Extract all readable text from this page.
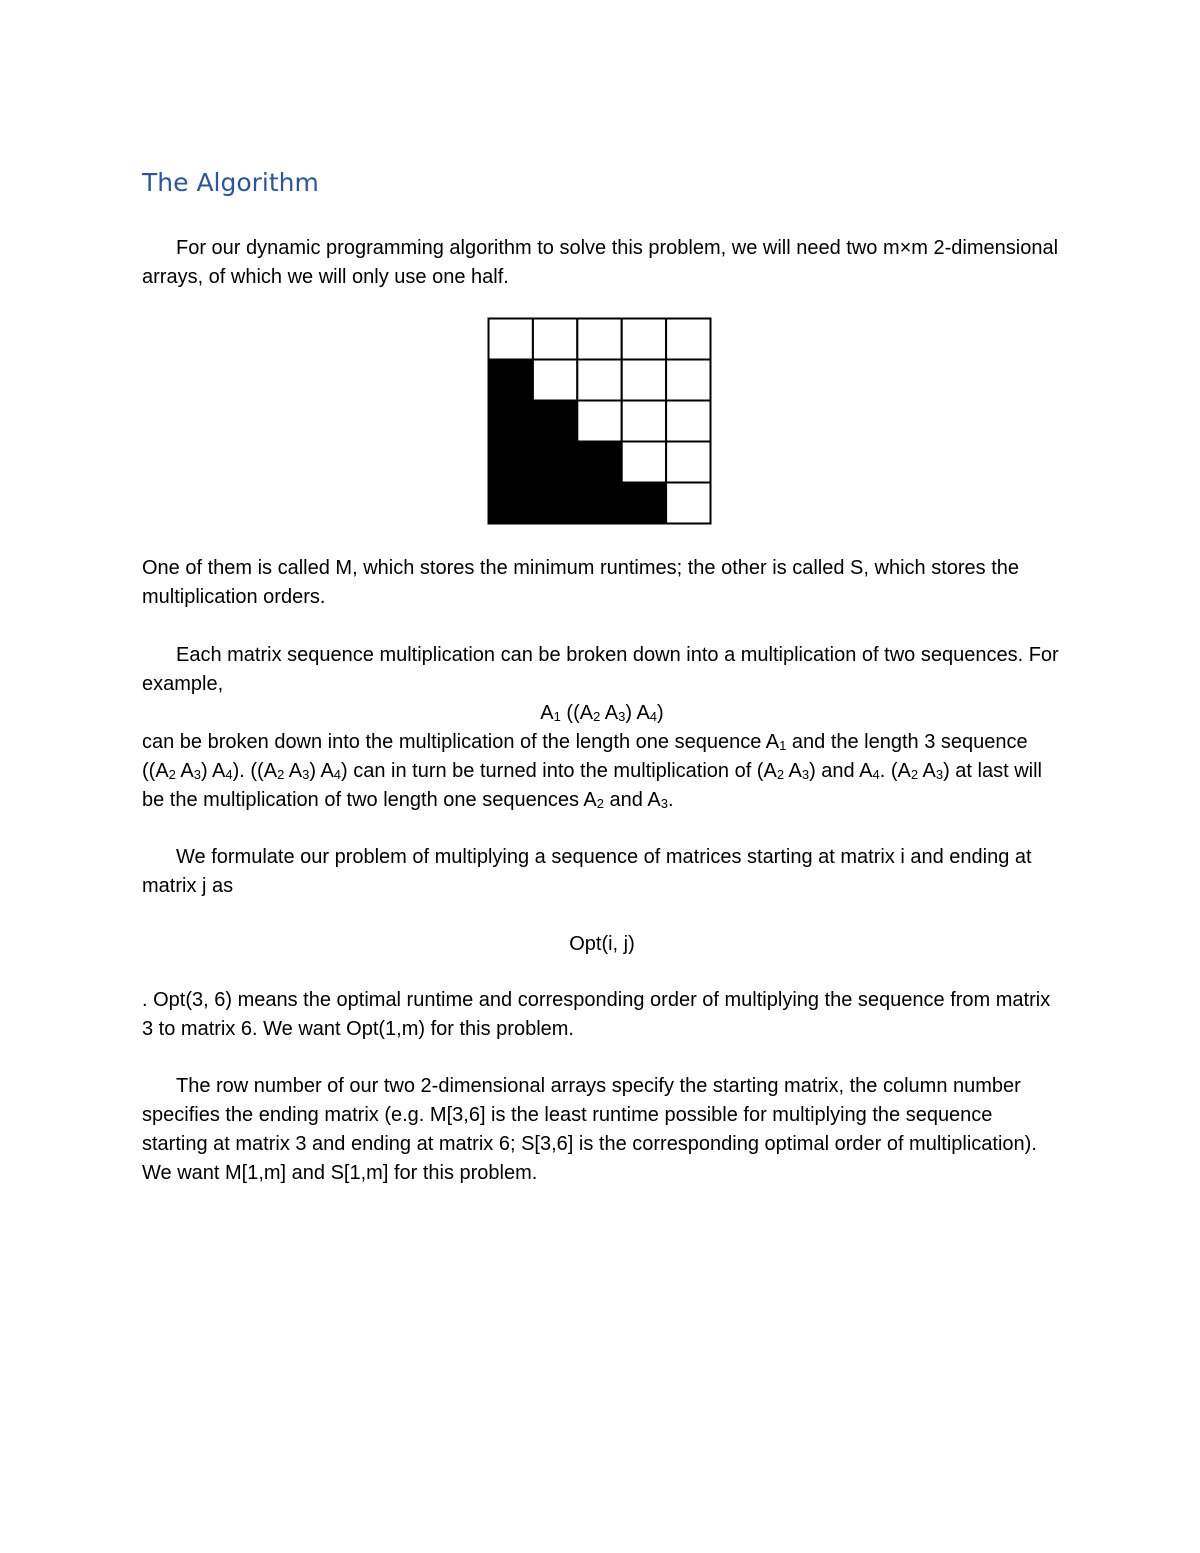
The Algorithm

For our dynamic programming algorithm to solve this problem, we will need two m×m 2-dimensional arrays, of which we will only use one half.

One of them is called M, which stores the minimum runtimes; the other is called S, which stores the multiplication orders.

Each matrix sequence multiplication can be broken down into a multiplication of two sequences. For example,

$A_1$ (($A_2$ $A_3$) $A_4$)

can be broken down into the multiplication of the length one sequence $A_1$ and the length 3 sequence (($A_2$ $A_3$) $A_4$). (($A_2$ $A_3$) $A_4$) can in turn be turned into the multiplication of ($A_2$ $A_3$) and $A_4$. ($A_2$ $A_3$) at last will be the multiplication of two length one sequences $A_2$ and $A_3$.

We formulate our problem of multiplying a sequence of matrices starting at matrix i and ending at matrix j as

Opt(i, j)

. Opt(3, 6) means the optimal runtime and corresponding order of multiplying the sequence from matrix 3 to matrix 6. We want Opt(1,m) for this problem.

The row number of our two 2-dimensional arrays specify the starting matrix, the column number specifies the ending matrix (e.g. M[3,6] is the least runtime possible for multiplying the sequence starting at matrix 3 and ending at matrix 6; S[3,6] is the corresponding optimal order of multiplication). We want M[1,m] and S[1,m] for this problem.
